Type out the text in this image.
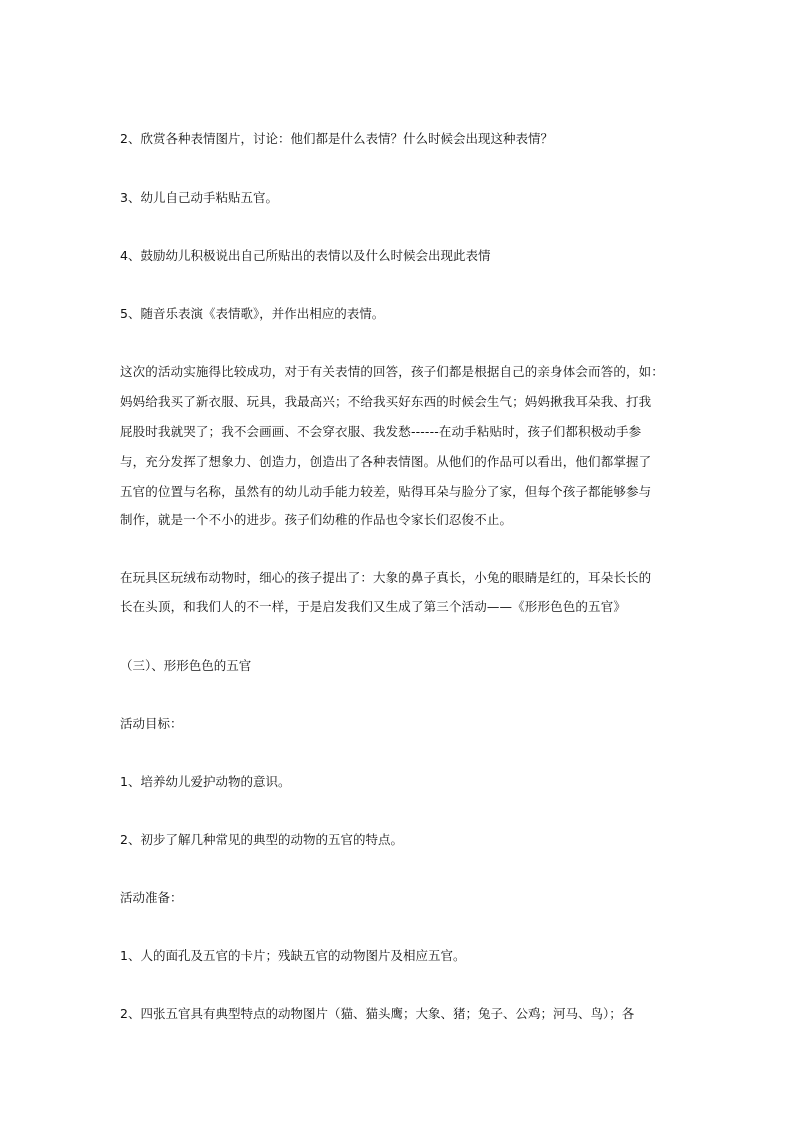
2、欣赏各种表情图片，讨论：他们都是什么表情？什么时候会出现这种表情？
3、幼儿自己动手粘贴五官。
4、鼓励幼儿积极说出自己所贴出的表情以及什么时候会出现此表情
5、随音乐表演《表情歌》，并作出相应的表情。
这次的活动实施得比较成功，对于有关表情的回答，孩子们都是根据自己的亲身体会而答的，如：
妈妈给我买了新衣服、玩具，我最高兴；不给我买好东西的时候会生气；妈妈揪我耳朵我、打我
屁股时我就哭了；我不会画画、不会穿衣服、我发愁------在动手粘贴时，孩子们都积极动手参
与，充分发挥了想象力、创造力，创造出了各种表情图。从他们的作品可以看出，他们都掌握了
五官的位置与名称，虽然有的幼儿动手能力较差，贴得耳朵与脸分了家，但每个孩子都能够参与
制作，就是一个不小的进步。孩子们幼稚的作品也令家长们忍俊不止。
在玩具区玩绒布动物时，细心的孩子提出了：大象的鼻子真长，小兔的眼睛是红的，耳朵长长的
长在头顶，和我们人的不一样，于是启发我们又生成了第三个活动——《形形色色的五官》
（三）、形形色色的五官
活动目标：
1、培养幼儿爱护动物的意识。
2、初步了解几种常见的典型的动物的五官的特点。
活动准备：
1、人的面孔及五官的卡片；残缺五官的动物图片及相应五官。
2、四张五官具有典型特点的动物图片（猫、猫头鹰；大象、猪；兔子、公鸡；河马、鸟）；各
